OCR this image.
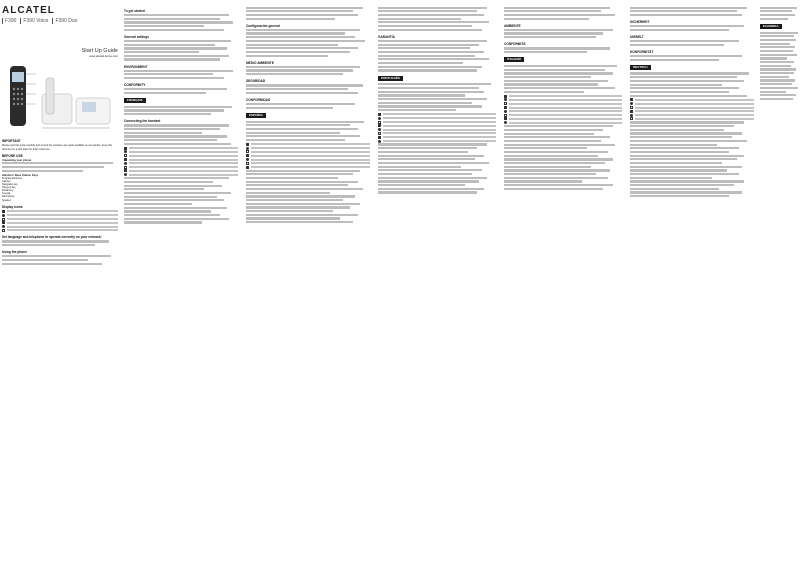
ALCATEL
F390 F390 Voice F390 Duo
Start Up Guide
www.alcatel-home.com
IMPORTANT
Please read this guide carefully and consult the complete user guide available on our website. Keep this document in a safe place for future reference.
BEFORE USE
Unpacking your phone
Handset / Base Station Keys
Programmable key
Call key
Navigation key
Hang-up key
Redial key
Keypad
Microphone
Speaker
Display icons
Set language and telephone to operate correctly on your network:
Using the phone
To get started
General settings
ENVIRONMENT
CONFORMITY
FRANÇAIS
Connecting the handset
Configuración general
MEDIO AMBIENTE
SEGURIDAD
CONFORMIDAD
ESPAÑOL
GARANTÍA
PORTUGUÊS
AMBIENTE
CONFORMITÀ
ITALIANO
SICHERHEIT
UMWELT
KONFORMITÄT
DEUTSCH
ΕΛΛΗΝΙΚΑ
